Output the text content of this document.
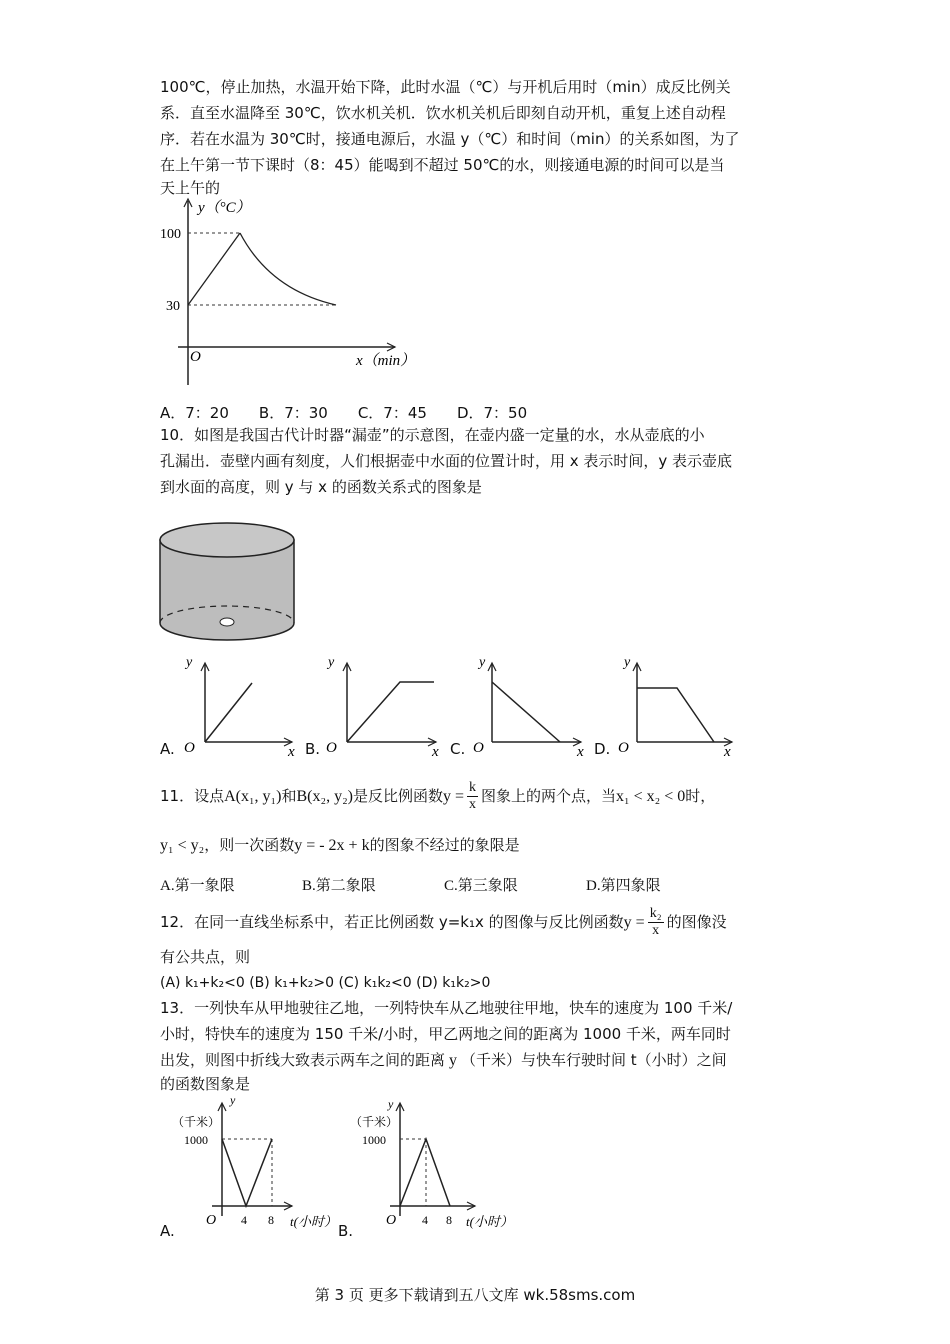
100℃，停止加热，水温开始下降，此时水温（℃）与开机后用时（min）成反比例关
系．直至水温降至 30℃，饮水机关机．饮水机关机后即刻自动开机，重复上述自动程
序．若在水温为 30℃时，接通电源后，水温 y（℃）和时间（min）的关系如图，为了
在上午第一节下课时（8：45）能喝到不超过 50℃的水，则接通电源的时间可以是当
天上午的
y（°C）
100
30
O	x（min）
A．7：20 B．7：30 C．7：45 D．7：50
10．如图是我国古代计时器“漏壶”的示意图，在壶内盛一定量的水，水从壶底的小
孔漏出．壶壁内画有刻度，人们根据壶中水面的位置计时，用 x 表示时间，y 表示壶底
到水面的高度，则 y 与 x 的函数关系式的图象是
A.
y
O	x B.
y
O	x C.
y
O	x D.
y
O	x
11．设点A(x₁, y₁)和B(x₂, y₂)是反比例函数$y = \frac{k}{x}$ 图象上的两个点，当x₁ < x₂ < 0时，
y₁ < y₂，则一次函数y = - 2x + k的图象不经过的象限是
A.第一象限	B.第二象限	C.第三象限	D.第四象限
12．在同一直线坐标系中，若正比例函数 y=k₁x 的图像与反比例函数$y = \frac{\text{k₂}}{x}$ 的图像没
有公共点，则
(A) k₁+k₂<0 (B) k₁+k₂>0 (C) k₁k₂<0 (D) k₁k₂>0
13．一列快车从甲地驶往乙地，一列特快车从乙地驶往甲地，快车的速度为 100 千米/
小时，特快车的速度为 150 千米/小时，甲乙两地之间的距离为 1000 千米，两车同时
出发，则图中折线大致表示两车之间的距离 y （千米）与快车行驶时间 t（小时）之间
的函数图象是
A.
y
（千米）
1000
O 4 8 t(小时）
B.
y
（千米）
1000
O 4 8 t(小时）
第 3 页 更多下载请到五八文库 wk.58sms.com
